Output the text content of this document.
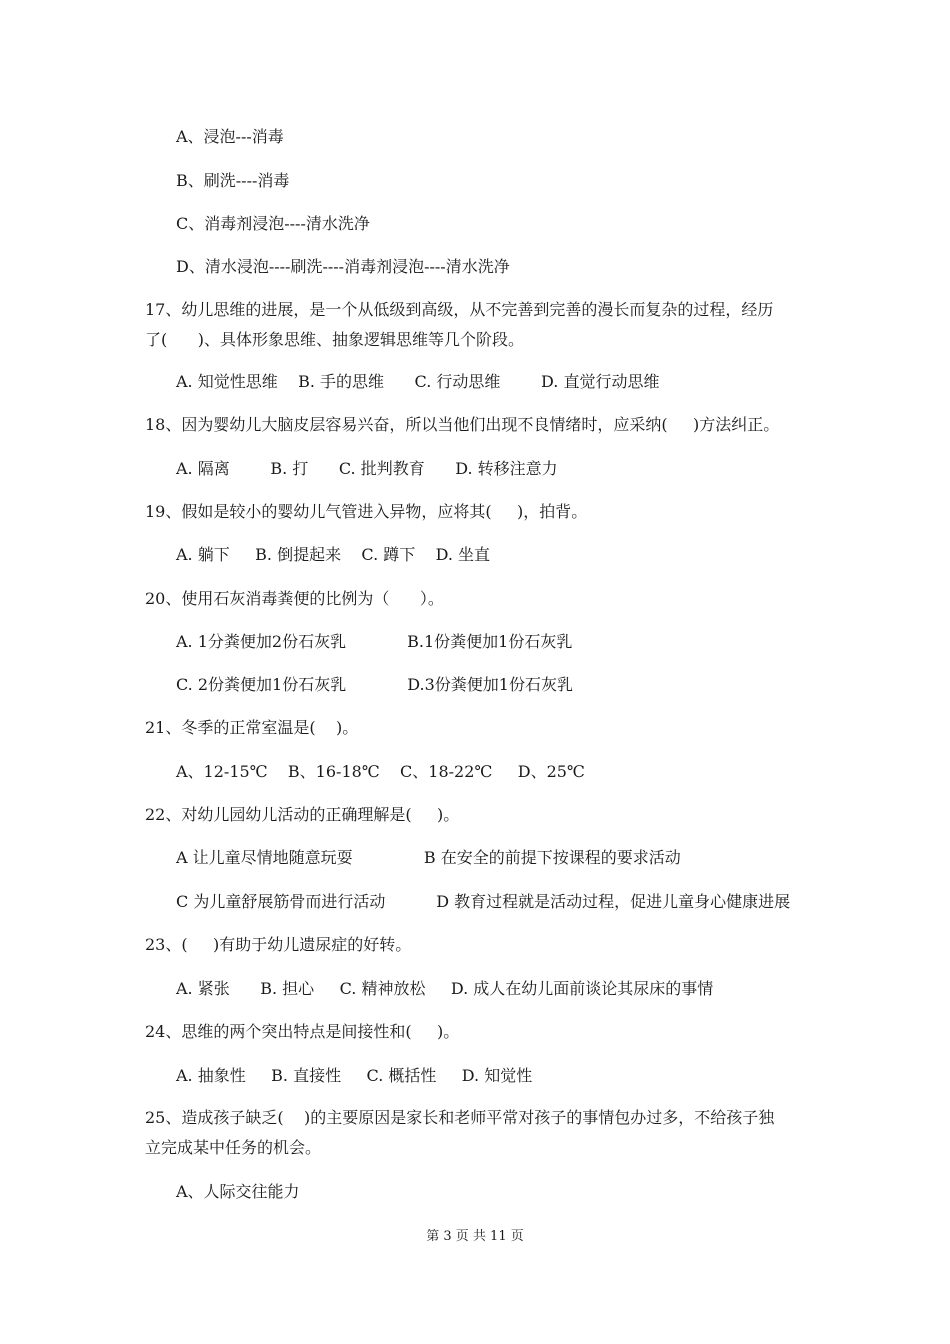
A、浸泡---消毒
B、刷洗----消毒
C、消毒剂浸泡----清水洗净
D、清水浸泡----刷洗----消毒剂浸泡----清水洗净
17、幼儿思维的进展，是一个从低级到高级，从不完善到完善的漫长而复杂的过程，经历
了(      )、具体形象思维、抽象逻辑思维等几个阶段。
A. 知觉性思维    B. 手的思维      C. 行动思维        D. 直觉行动思维
18、因为婴幼儿大脑皮层容易兴奋，所以当他们出现不良情绪时，应采纳(     )方法纠正。
A. 隔离        B. 打      C. 批判教育      D. 转移注意力
19、假如是较小的婴幼儿气管进入异物，应将其(     )，拍背。
A. 躺下     B. 倒提起来    C. 蹲下    D. 坐直
20、使用石灰消毒粪便的比例为（      ）。
A. 1分粪便加2份石灰乳            B.1份粪便加1份石灰乳
C. 2份粪便加1份石灰乳            D.3份粪便加1份石灰乳
21、冬季的正常室温是(    )。
A、12-15℃    B、16-18℃    C、18-22℃     D、25℃
22、对幼儿园幼儿活动的正确理解是(     )。
A 让儿童尽情地随意玩耍              B 在安全的前提下按课程的要求活动
C 为儿童舒展筋骨而进行活动          D 教育过程就是活动过程，促进儿童身心健康进展
23、(     )有助于幼儿遗尿症的好转。
A. 紧张      B. 担心     C. 精神放松     D. 成人在幼儿面前谈论其尿床的事情
24、思维的两个突出特点是间接性和(     )。
A. 抽象性     B. 直接性     C. 概括性     D. 知觉性
25、造成孩子缺乏(    )的主要原因是家长和老师平常对孩子的事情包办过多，不给孩子独
立完成某中任务的机会。
A、人际交往能力
第 3 页 共 11 页
